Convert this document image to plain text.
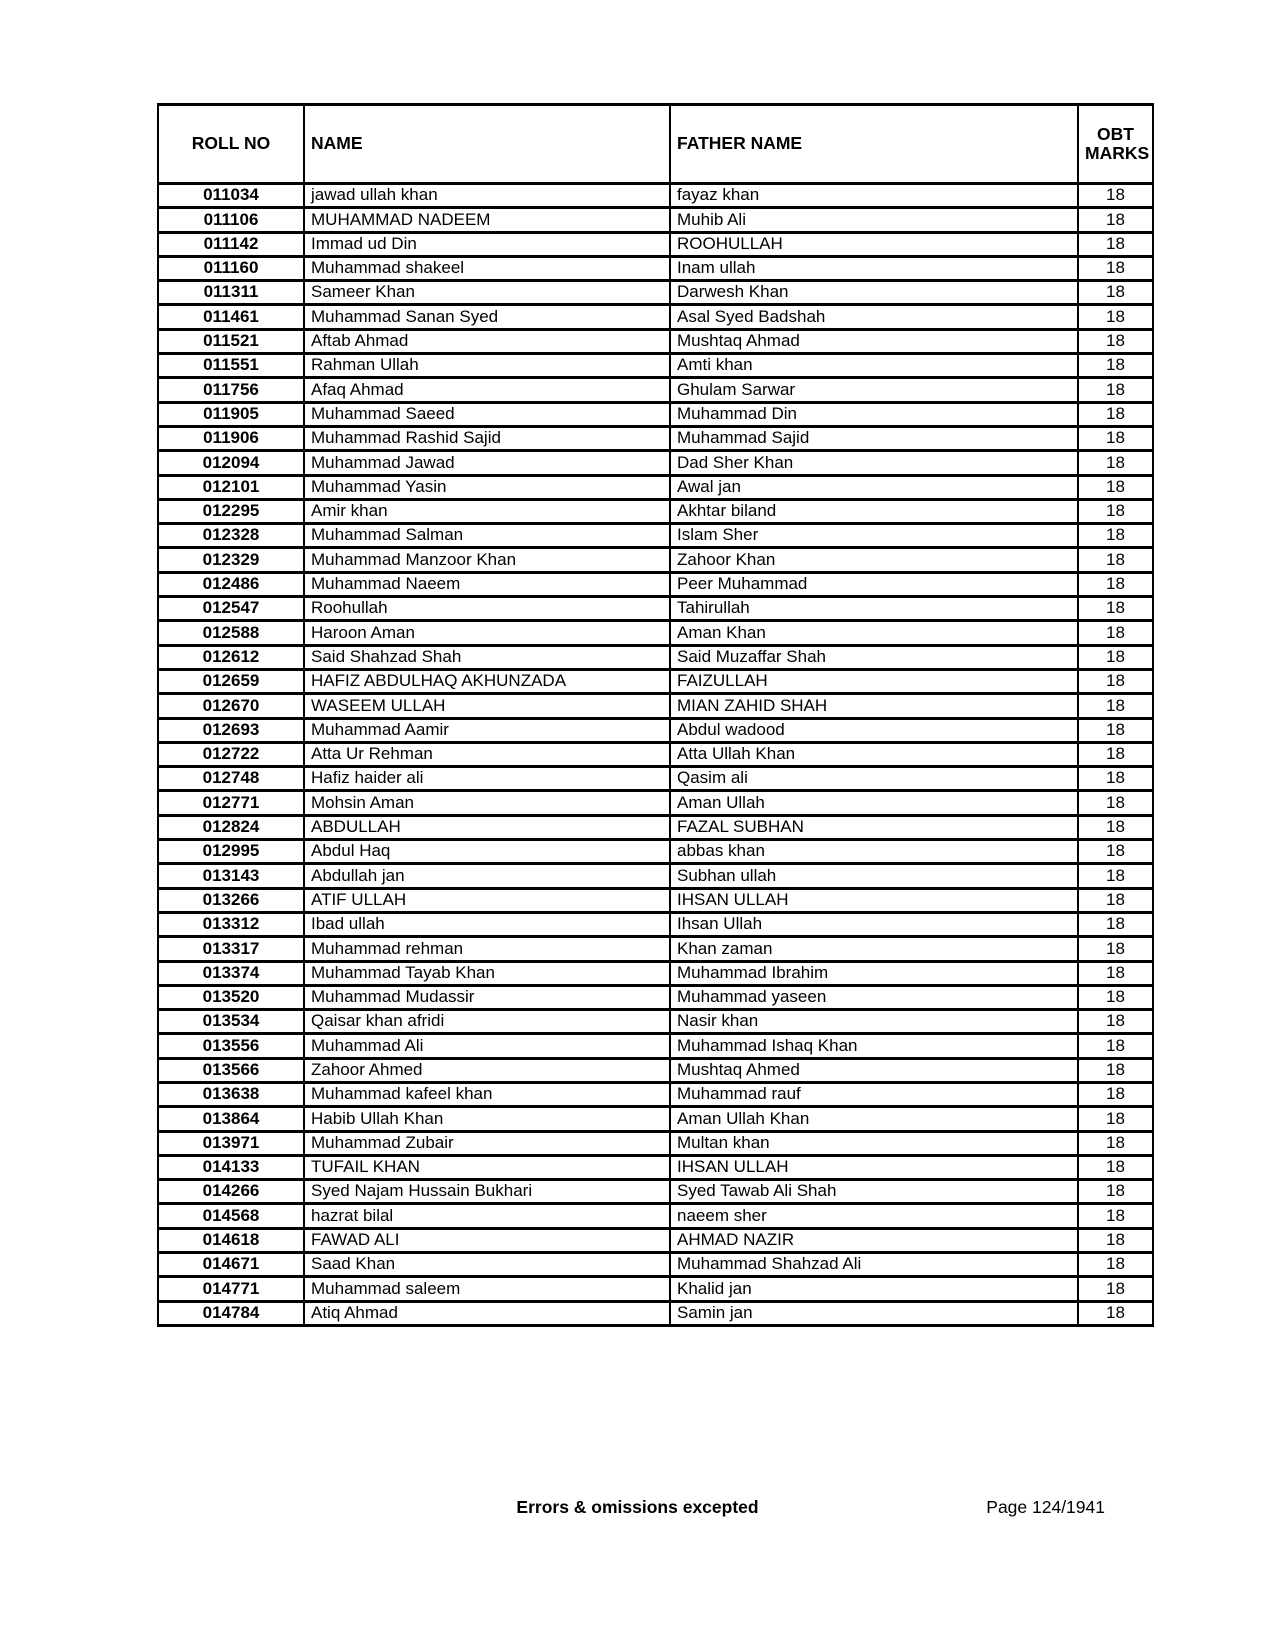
ROLL NO	NAME	FATHER NAME	OBT MARKS
011034	jawad ullah khan	fayaz khan	18
011106	MUHAMMAD NADEEM	Muhib Ali	18
011142	Immad ud Din	ROOHULLAH	18
011160	Muhammad shakeel	Inam ullah	18
011311	Sameer Khan	Darwesh Khan	18
011461	Muhammad Sanan Syed	Asal Syed Badshah	18
011521	Aftab Ahmad	Mushtaq Ahmad	18
011551	Rahman Ullah	Amti khan	18
011756	Afaq Ahmad	Ghulam Sarwar	18
011905	Muhammad Saeed	Muhammad Din	18
011906	Muhammad Rashid Sajid	Muhammad Sajid	18
012094	Muhammad Jawad	Dad Sher Khan	18
012101	Muhammad Yasin	Awal jan	18
012295	Amir khan	Akhtar biland	18
012328	Muhammad Salman	Islam Sher	18
012329	Muhammad Manzoor Khan	Zahoor Khan	18
012486	Muhammad Naeem	Peer Muhammad	18
012547	Roohullah	Tahirullah	18
012588	Haroon Aman	Aman Khan	18
012612	Said Shahzad Shah	Said Muzaffar Shah	18
012659	HAFIZ ABDULHAQ AKHUNZADA	FAIZULLAH	18
012670	WASEEM ULLAH	MIAN ZAHID SHAH	18
012693	Muhammad Aamir	Abdul wadood	18
012722	Atta Ur Rehman	Atta Ullah Khan	18
012748	Hafiz haider ali	Qasim ali	18
012771	Mohsin Aman	Aman Ullah	18
012824	ABDULLAH	FAZAL SUBHAN	18
012995	Abdul Haq	abbas khan	18
013143	Abdullah jan	Subhan ullah	18
013266	ATIF ULLAH	IHSAN ULLAH	18
013312	Ibad ullah	Ihsan Ullah	18
013317	Muhammad rehman	Khan zaman	18
013374	Muhammad Tayab Khan	Muhammad Ibrahim	18
013520	Muhammad Mudassir	Muhammad yaseen	18
013534	Qaisar khan afridi	Nasir khan	18
013556	Muhammad Ali	Muhammad Ishaq Khan	18
013566	Zahoor Ahmed	Mushtaq Ahmed	18
013638	Muhammad kafeel khan	Muhammad rauf	18
013864	Habib Ullah Khan	Aman Ullah Khan	18
013971	Muhammad Zubair	Multan khan	18
014133	TUFAIL KHAN	IHSAN ULLAH	18
014266	Syed Najam Hussain Bukhari	Syed Tawab Ali Shah	18
014568	hazrat bilal	naeem sher	18
014618	FAWAD ALI	AHMAD NAZIR	18
014671	Saad Khan	Muhammad Shahzad Ali	18
014771	Muhammad saleem	Khalid jan	18
014784	Atiq Ahmad	Samin jan	18
Errors & omissions excepted	Page 124/1941
